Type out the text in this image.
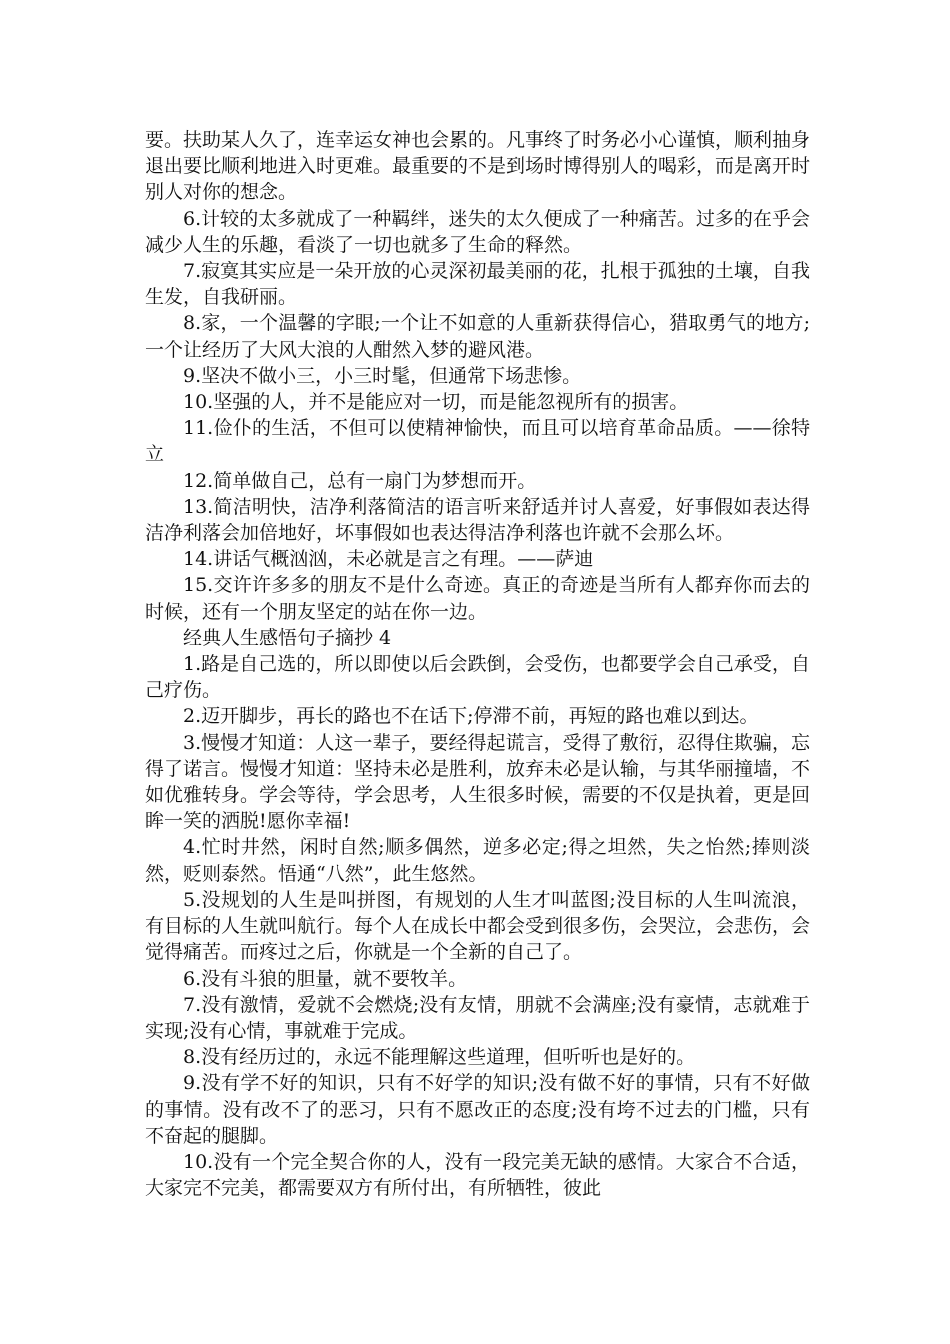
要。扶助某人久了，连幸运女神也会累的。凡事终了时务必小心谨慎，顺利抽身退出要比顺利地进入时更难。最重要的不是到场时博得别人的喝彩，而是离开时别人对你的想念。

6.计较的太多就成了一种羁绊，迷失的太久便成了一种痛苦。过多的在乎会减少人生的乐趣，看淡了一切也就多了生命的释然。

7.寂寞其实应是一朵开放的心灵深初最美丽的花，扎根于孤独的土壤，自我生发，自我研丽。

8.家，一个温馨的字眼;一个让不如意的人重新获得信心，猎取勇气的地方;一个让经历了大风大浪的人酣然入梦的避风港。

9.坚决不做小三，小三时髦，但通常下场悲惨。

10.坚强的人，并不是能应对一切，而是能忽视所有的损害。

11.俭仆的生活，不但可以使精神愉快，而且可以培育革命品质。——徐特立

12.简单做自己，总有一扇门为梦想而开。

13.简洁明快，洁净利落简洁的语言听来舒适并讨人喜爱，好事假如表达得洁净利落会加倍地好，坏事假如也表达得洁净利落也许就不会那么坏。

14.讲话气概汹汹，未必就是言之有理。——萨迪

15.交许许多多的朋友不是什么奇迹。真正的奇迹是当所有人都弃你而去的时候，还有一个朋友坚定的站在你一边。

经典人生感悟句子摘抄 4

1.路是自己选的，所以即使以后会跌倒，会受伤，也都要学会自己承受，自己疗伤。

2.迈开脚步，再长的路也不在话下;停滞不前，再短的路也难以到达。

3.慢慢才知道：人这一辈子，要经得起谎言，受得了敷衍，忍得住欺骗，忘得了诺言。慢慢才知道：坚持未必是胜利，放弃未必是认输，与其华丽撞墙，不如优雅转身。学会等待，学会思考，人生很多时候，需要的不仅是执着，更是回眸一笑的洒脱!愿你幸福!

4.忙时井然，闲时自然;顺多偶然，逆多必定;得之坦然，失之怡然;捧则淡然，贬则泰然。悟通“八然”，此生悠然。

5.没规划的人生是叫拼图，有规划的人生才叫蓝图;没目标的人生叫流浪，有目标的人生就叫航行。每个人在成长中都会受到很多伤，会哭泣，会悲伤，会觉得痛苦。而疼过之后，你就是一个全新的自己了。

6.没有斗狼的胆量，就不要牧羊。

7.没有激情，爱就不会燃烧;没有友情，朋就不会满座;没有豪情，志就难于实现;没有心情，事就难于完成。

8.没有经历过的，永远不能理解这些道理，但听听也是好的。

9.没有学不好的知识，只有不好学的知识;没有做不好的事情，只有不好做的事情。没有改不了的恶习，只有不愿改正的态度;没有垮不过去的门槛，只有不奋起的腿脚。

10.没有一个完全契合你的人，没有一段完美无缺的感情。大家合不合适，大家完不完美，都需要双方有所付出，有所牺牲，彼此
